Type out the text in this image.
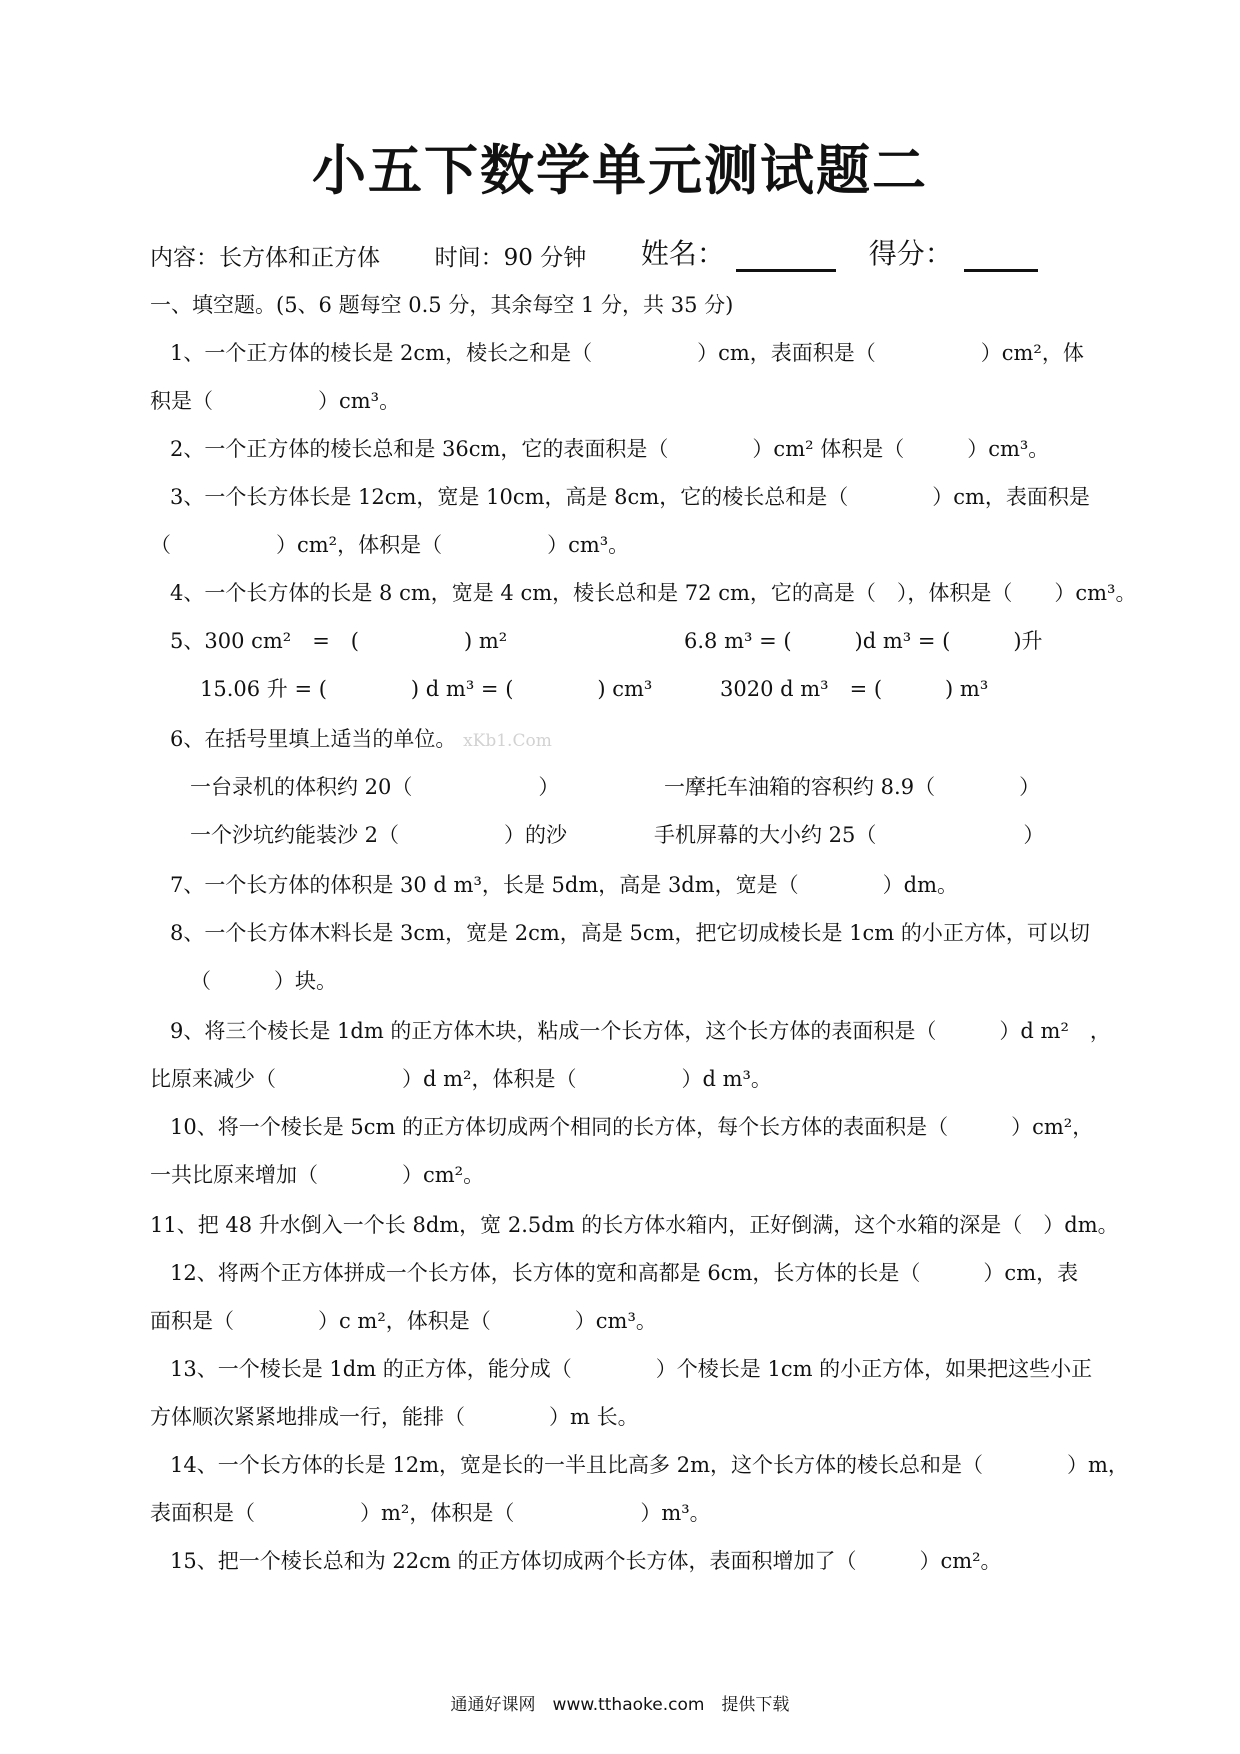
小五下数学单元测试题二
内容：长方体和正方体 时间：90 分钟 姓名：	得分：
一、填空题。(5、6 题每空 0.5 分，其余每空 1 分，共 35 分)
1、一个正方体的棱长是 2cm，棱长之和是（　　　　　）cm，表面积是（　　　　　）cm²，体
积是（　　　　　）cm³。
2、一个正方体的棱长总和是 36cm，它的表面积是（　　　　）cm² 体积是（　　　）cm³。
3、一个长方体长是 12cm，宽是 10cm，高是 8cm，它的棱长总和是（　　　　）cm，表面积是
（　　　　　）cm²，体积是（　　　　　）cm³。
4、一个长方体的长是 8 cm，宽是 4 cm，棱长总和是 72 cm，它的高是（　），体积是（　　）cm³。
5、300 cm²　=　(　　　　　) m²	6.8 m³ = (　　　)d m³ = (　　　)升
15.06 升 = (　　　　) d m³ = (　　　　) cm³	3020 d m³　= (　　　) m³
6、在括号里填上适当的单位。 xKb1.Com
一台录机的体积约 20（　　　　　　）	一摩托车油箱的容积约 8.9（　　　　）
一个沙坑约能装沙 2（　　　　　）的沙	手机屏幕的大小约 25（　　　　　　　）
7、一个长方体的体积是 30 d m³，长是 5dm，高是 3dm，宽是（　　　　）dm。
8、一个长方体木料长是 3cm，宽是 2cm，高是 5cm，把它切成棱长是 1cm 的小正方体，可以切
（　　　）块。
9、将三个棱长是 1dm 的正方体木块，粘成一个长方体，这个长方体的表面积是（　　　）d m²　，
比原来减少（　　　　　　）d m²，体积是（　　　　　）d m³。
10、将一个棱长是 5cm 的正方体切成两个相同的长方体，每个长方体的表面积是（　　　）cm²，
一共比原来增加（　　　　）cm²。
11、把 48 升水倒入一个长 8dm，宽 2.5dm 的长方体水箱内，正好倒满，这个水箱的深是（　）dm。
12、将两个正方体拼成一个长方体，长方体的宽和高都是 6cm，长方体的长是（　　　）cm，表
面积是（　　　　）c m²，体积是（　　　　）cm³。
13、一个棱长是 1dm 的正方体，能分成（　　　　）个棱长是 1cm 的小正方体，如果把这些小正
方体顺次紧紧地排成一行，能排（　　　　）m 长。
14、一个长方体的长是 12m，宽是长的一半且比高多 2m，这个长方体的棱长总和是（　　　　）m，
表面积是（　　　　　）m²，体积是（　　　　　　）m³。
15、把一个棱长总和为 22cm 的正方体切成两个长方体，表面积增加了（　　　）cm²。
通通好课网　www.tthaoke.com　提供下载
